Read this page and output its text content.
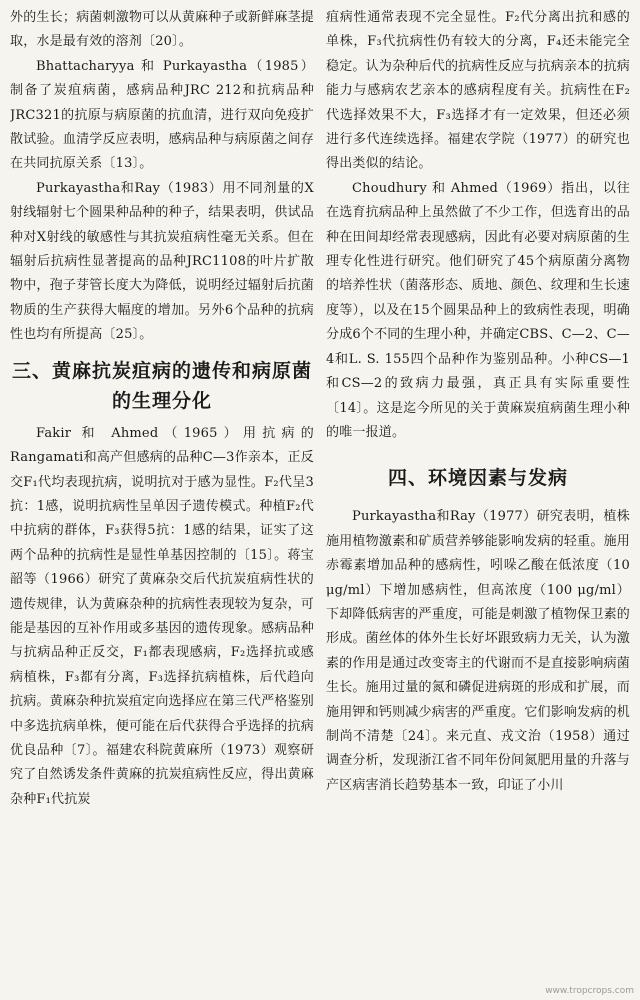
外的生长；病菌刺激物可以从黄麻种子或新鲜麻茎提取，水是最有效的溶剂〔20〕。

Bhattacharyya 和 Purkayastha（1985）制备了炭疽病菌，感病品种JRC 212和抗病品种JRC321的抗原与病原菌的抗血清，进行双向免疫扩散试验。血清学反应表明，感病品种与病原菌之间存在共同抗原关系〔13〕。

Purkayastha和Ray（1983）用不同剂量的X射线辐射七个圆果种品种的种子，结果表明，供试品种对X射线的敏感性与其抗炭疽病性毫无关系。但在辐射后抗病性显著提高的品种JRC1108的叶片扩散物中，孢子芽管长度大为降低，说明经过辐射后抗菌物质的生产获得大幅度的增加。另外6个品种的抗病性也均有所提高〔25〕。

三、黄麻抗炭疽病的遗传和病原菌的生理分化

Fakir 和 Ahmed（1965）用抗病的Rangamati和高产但感病的品种C—3作亲本，正反交F₁代均表现抗病，说明抗对于感为显性。F₂代呈3抗：1感，说明抗病性呈单因子遗传模式。种植F₂代中抗病的群体，F₃获得5抗：1感的结果，证实了这两个品种的抗病性是显性单基因控制的〔15〕。蒋宝韶等（1966）研究了黄麻杂交后代抗炭疽病性状的遗传规律，认为黄麻杂种的抗病性表现较为复杂，可能是基因的互补作用或多基因的遗传现象。感病品种与抗病品种正反交，F₁都表现感病，F₂选择抗或感病植株，F₃都有分离，F₃选择抗病植株，后代趋向抗病。黄麻杂种抗炭疽定向选择应在第三代严格鉴别中多选抗病单株，便可能在后代获得合乎选择的抗病优良品种〔7〕。福建农科院黄麻所（1973）观察研究了自然诱发条件黄麻的抗炭疽病性反应，得出黄麻杂种F₁代抗炭

疽病性通常表现不完全显性。F₂代分离出抗和感的单株，F₃代抗病性仍有较大的分离，F₄还未能完全稳定。认为杂种后代的抗病性反应与抗病亲本的抗病能力与感病农艺亲本的感病程度有关。抗病性在F₂代选择效果不大，F₃选择才有一定效果，但还必须进行多代连续选择。福建农学院（1977）的研究也得出类似的结论。

Choudhury 和 Ahmed（1969）指出，以往在选育抗病品种上虽然做了不少工作，但选育出的品种在田间却经常表现感病，因此有必要对病原菌的生理专化性进行研究。他们研究了45个病原菌分离物的培养性状（菌落形态、质地、颜色、纹理和生长速度等），以及在15个圆果品种上的致病性表现，明确分成6个不同的生理小种，并确定CBS、C—2、C—4和L. S. 155四个品种作为鉴别品种。小种CS—1和CS—2的致病力最强，真正具有实际重要性〔14〕。这是迄今所见的关于黄麻炭疽病菌生理小种的唯一报道。

四、环境因素与发病

Purkayastha和Ray（1977）研究表明，植株施用植物激素和矿质营养够能影响发病的轻重。施用赤霉素增加品种的感病性，吲哚乙酸在低浓度（10 μg/ml）下增加感病性，但高浓度（100 μg/ml）下却降低病害的严重度，可能是刺激了植物保卫素的形成。菌丝体的体外生长好坏跟致病力无关，认为激素的作用是通过改变寄主的代谢而不是直接影响病菌生长。施用过量的氮和磷促进病斑的形成和扩展，而施用钾和钙则减少病害的严重度。它们影响发病的机制尚不清楚〔24〕。来元直、戎文治（1958）通过调查分析，发现浙江省不同年份间氮肥用量的升落与产区病害消长趋势基本一致，印证了小川

www.tropcrops.com
